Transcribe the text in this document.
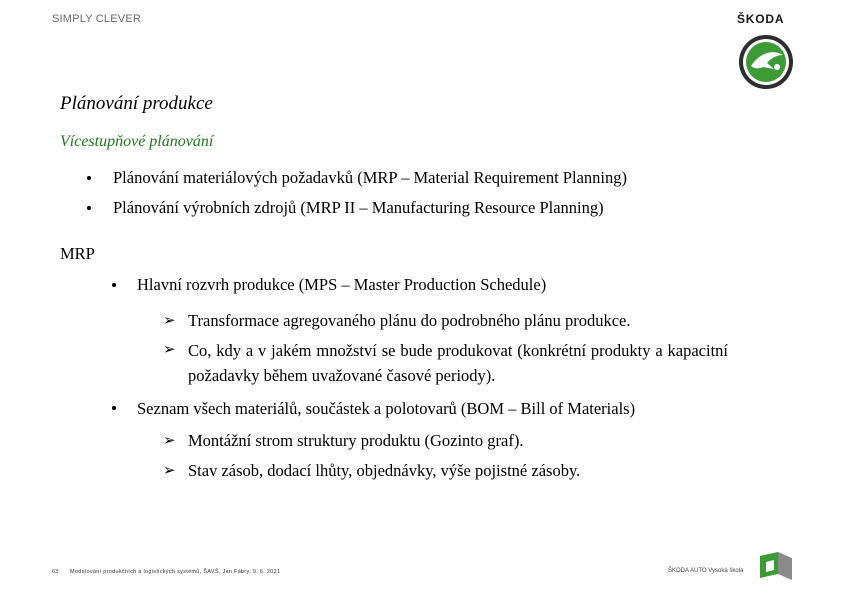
SIMPLY CLEVER	ŠKODA
Plánování produkce
Vícestupňové plánování
Plánování materiálových požadavků (MRP – Material Requirement Planning)
Plánování výrobních zdrojů (MRP II – Manufacturing Resource Planning)
MRP
Hlavní rozvrh produkce (MPS – Master Production Schedule)
➢ Transformace agregovaného plánu do podrobného plánu produkce.
➢ Co, kdy a v jakém množství se bude produkovat (konkrétní produkty a kapacitní požadavky během uvažované časové periody).
Seznam všech materiálů, součástek a polotovarů (BOM – Bill of Materials)
➢ Montážní strom struktury produktu (Gozinto graf).
➢ Stav zásob, dodací lhůty, objednávky, výše pojistné zásoby.
63 Modelování produkčních a logistických systémů, ŠAVŠ, Jan Fábry, 9. 6. 2021	ŠKODA AUTO Vysoká škola
